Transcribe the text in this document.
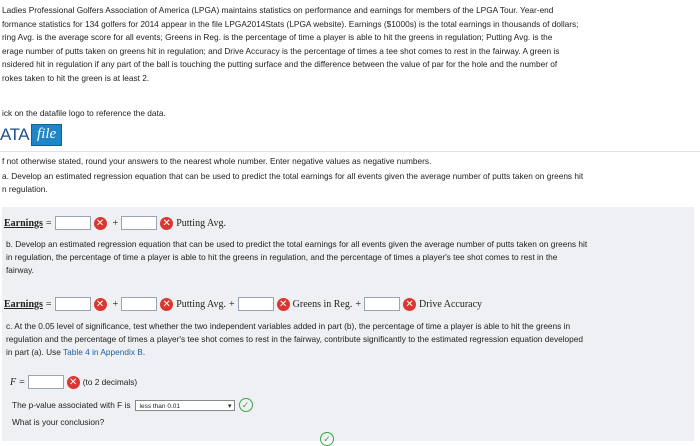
Ladies Professional Golfers Association of America (LPGA) maintains statistics on performance and earnings for members of the LPGA Tour. Year-end

formance statistics for 134 golfers for 2014 appear in the file LPGA2014Stats (LPGA website). Earnings ($1000s) is the total earnings in thousands of dollars;

ring Avg. is the average score for all events; Greens in Reg. is the percentage of time a player is able to hit the greens in regulation; Putting Avg. is the

erage number of putts taken on greens hit in regulation; and Drive Accuracy is the percentage of times a tee shot comes to rest in the fairway. A green is

nsidered hit in regulation if any part of the ball is touching the putting surface and the difference between the value of par for the hole and the number of

rokes taken to hit the green is at least 2.

ick on the datafile logo to reference the data.
ATA file
f not otherwise stated, round your answers to the nearest whole number. Enter negative values as negative numbers.

a. Develop an estimated regression equation that can be used to predict the total earnings for all events given the average number of putts taken on greens hit

n regulation.

Earnings =	✕ +	✕ Putting Avg.

b. Develop an estimated regression equation that can be used to predict the total earnings for all events given the average number of putts taken on greens hit

in regulation, the percentage of time a player is able to hit the greens in regulation, and the percentage of times a player's tee shot comes to rest in the

fairway.

Earnings =	✕ +	✕ Putting Avg. +	✕ Greens in Reg. +	✕ Drive Accuracy

c. At the 0.05 level of significance, test whether the two independent variables added in part (b), the percentage of time a player is able to hit the greens in

regulation and the percentage of times a player's tee shot comes to rest in the fairway, contribute significantly to the estimated regression equation developed

in part (a). Use Table 4 in Appendix B.

F =	✕ (to 2 decimals)
The p-value associated with F is	less than 0.01	▾	✓
What is your conclusion?
✓
